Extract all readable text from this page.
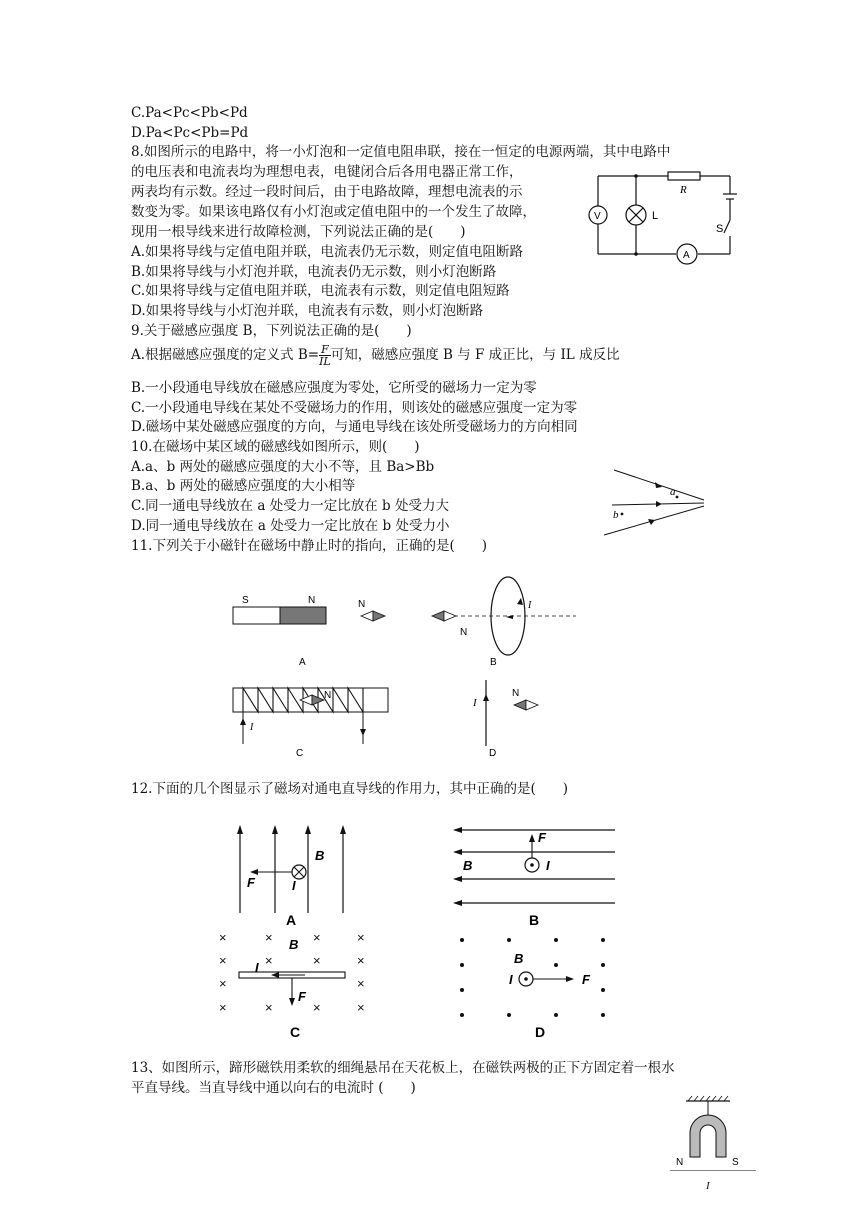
C.Pa<Pc<Pb<Pd
D.Pa<Pc<Pb=Pd
8.如图所示的电路中，将一小灯泡和一定值电阻串联，接在一恒定的电源两端，其中电路中
的电压表和电流表均为理想电表，电键闭合后各用电器正常工作，
两表均有示数。经过一段时间后，由于电路故障，理想电流表的示
数变为零。如果该电路仅有小灯泡或定值电阻中的一个发生了故障，
现用一根导线来进行故障检测，下列说法正确的是(　　)
A.如果将导线与定值电阻并联，电流表仍无示数，则定值电阻断路
B.如果将导线与小灯泡并联，电流表仍无示数，则小灯泡断路
C.如果将导线与定值电阻并联，电流表有示数，则定值电阻短路
D.如果将导线与小灯泡并联，电流表有示数，则小灯泡断路
R
L
S
V
A
9.关于磁感应强度 B，下列说法正确的是(　　)
A.根据磁感应强度的定义式 $B= \frac{F}{IL}$ 可知，磁感应强度 B 与 F 成正比，与 IL 成反比
B.一小段通电导线放在磁感应强度为零处，它所受的磁场力一定为零
C.一小段通电导线在某处不受磁场力的作用，则该处的磁感应强度一定为零
D.磁场中某处磁感应强度的方向，与通电导线在该处所受磁场力的方向相同
10.在磁场中某区域的磁感线如图所示，则(　　)
A.a、b 两处的磁感应强度的大小不等，且 Ba>Bb
B.a、b 两处的磁感应强度的大小相等
C.同一通电导线放在 a 处受力一定比放在 b 处受力大
D.同一通电导线放在 a 处受力一定比放在 b 处受力小
a
b
11.下列关于小磁针在磁场中静止时的指向，正确的是(　　)
S	N	N
A
N
I
B
N
I
C
I
N
D
12.下面的几个图显示了磁场对通电直导线的作用力，其中正确的是(　　)
B
F	I
A
F
B	I
B
×	×	×	×
×	×	×	×
×	×
×	×	×	×
B
I
F
C
B
I	F
D
13、如图所示，蹄形磁铁用柔软的细绳悬吊在天花板上，在磁铁两极的正下方固定着一根水
平直导线。当直导线中通以向右的电流时 (　　)
N	S
I
